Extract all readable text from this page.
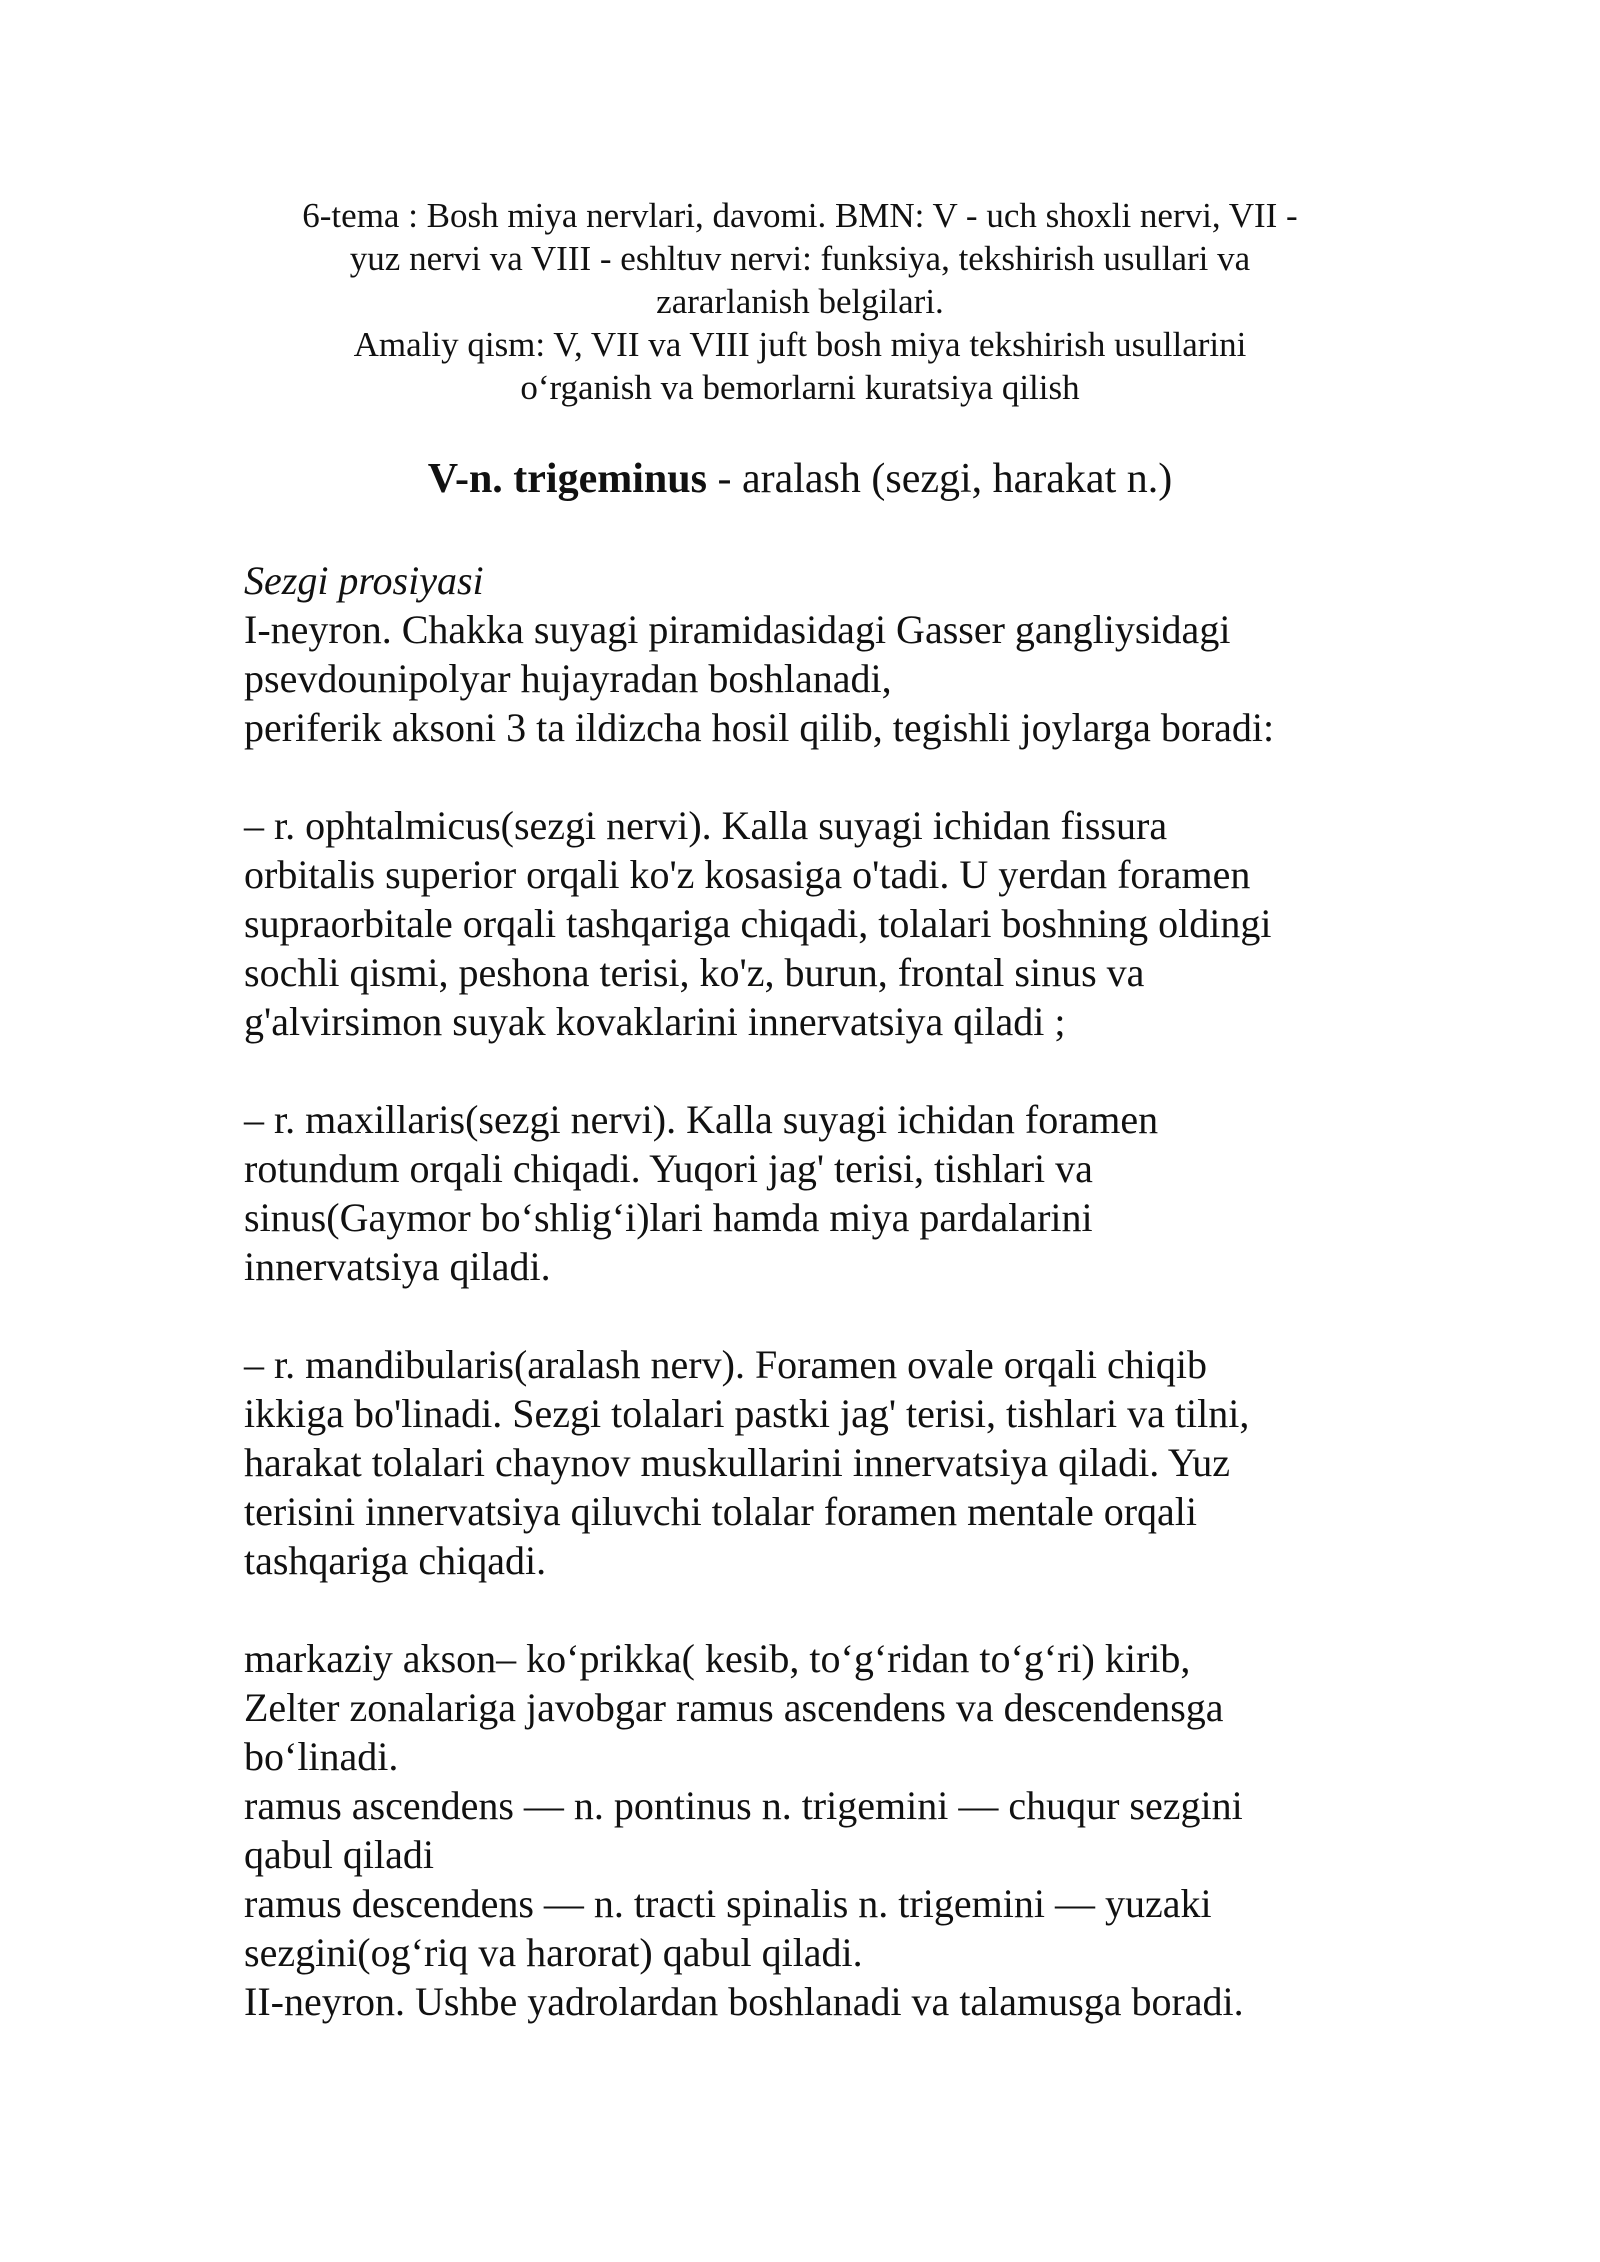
6-tema : Bosh miya nervlari, davomi. BMN: V - uch shoxli nervi, VII -
yuz nervi va VIII - eshltuv nervi: funksiya, tekshirish usullari va
zararlanish belgilari.
Amaliy qism: V, VII va VIII juft bosh miya tekshirish usullarini
o‘rganish va bemorlarni kuratsiya qilish
V-n. trigeminus - aralash (sezgi, harakat n.)
Sezgi prosiyasi
I-neyron. Chakka suyagi piramidasidagi Gasser gangliysidagi
psevdounipolyar hujayradan boshlanadi,
periferik aksoni 3 ta ildizcha hosil qilib, tegishli joylarga boradi:
– r. ophtalmicus(sezgi nervi). Kalla suyagi ichidan fissura
orbitalis superior orqali ko'z kosasiga o'tadi. U yerdan foramen
supraorbitale orqali tashqariga chiqadi, tolalari boshning oldingi
sochli qismi, peshona terisi, ko'z, burun, frontal sinus va
g'alvirsimon suyak kovaklarini innervatsiya qiladi ;
– r. maxillaris(sezgi nervi). Kalla suyagi ichidan foramen
rotundum orqali chiqadi. Yuqori jag' terisi, tishlari va
sinus(Gaymor bo‘shlig‘i)lari hamda miya pardalarini
innervatsiya qiladi.
– r. mandibularis(aralash nerv). Foramen ovale orqali chiqib
ikkiga bo'linadi. Sezgi tolalari pastki jag' terisi, tishlari va tilni,
harakat tolalari chaynov muskullarini innervatsiya qiladi. Yuz
terisini innervatsiya qiluvchi tolalar foramen mentale orqali
tashqariga chiqadi.
markaziy akson– ko‘prikka( kesib, to‘g‘ridan to‘g‘ri) kirib,
Zelter zonalariga javobgar ramus ascendens va descendensga
bo‘linadi.
ramus ascendens — n. pontinus n. trigemini — chuqur sezgini
qabul qiladi
ramus descendens — n. tracti spinalis n. trigemini — yuzaki
sezgini(og‘riq va harorat) qabul qiladi.
II-neyron. Ushbe yadrolardan boshlanadi va talamusga boradi.
